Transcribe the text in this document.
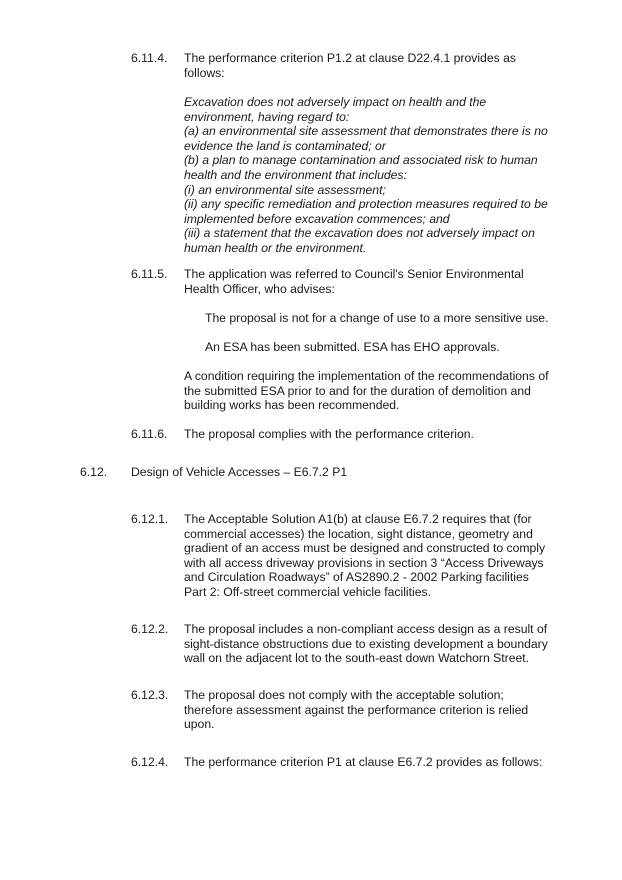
6.11.4. The performance criterion P1.2 at clause D22.4.1 provides as
follows:
Excavation does not adversely impact on health and the
environment, having regard to:
(a) an environmental site assessment that demonstrates there is no
evidence the land is contaminated; or
(b) a plan to manage contamination and associated risk to human
health and the environment that includes:
(i) an environmental site assessment;
(ii) any specific remediation and protection measures required to be
implemented before excavation commences; and
(iii) a statement that the excavation does not adversely impact on
human health or the environment.
6.11.5. The application was referred to Council's Senior Environmental
Health Officer, who advises:
The proposal is not for a change of use to a more sensitive use.
An ESA has been submitted. ESA has EHO approvals.
A condition requiring the implementation of the recommendations of
the submitted ESA prior to and for the duration of demolition and
building works has been recommended.
6.11.6. The proposal complies with the performance criterion.
6.12. Design of Vehicle Accesses – E6.7.2 P1
6.12.1. The Acceptable Solution A1(b) at clause E6.7.2 requires that (for
commercial accesses) the location, sight distance, geometry and
gradient of an access must be designed and constructed to comply
with all access driveway provisions in section 3 “Access Driveways
and Circulation Roadways” of AS2890.2 - 2002 Parking facilities
Part 2: Off-street commercial vehicle facilities.
6.12.2. The proposal includes a non-compliant access design as a result of
sight-distance obstructions due to existing development a boundary
wall on the adjacent lot to the south-east down Watchorn Street.
6.12.3. The proposal does not comply with the acceptable solution;
therefore assessment against the performance criterion is relied
upon.
6.12.4. The performance criterion P1 at clause E6.7.2 provides as follows:
